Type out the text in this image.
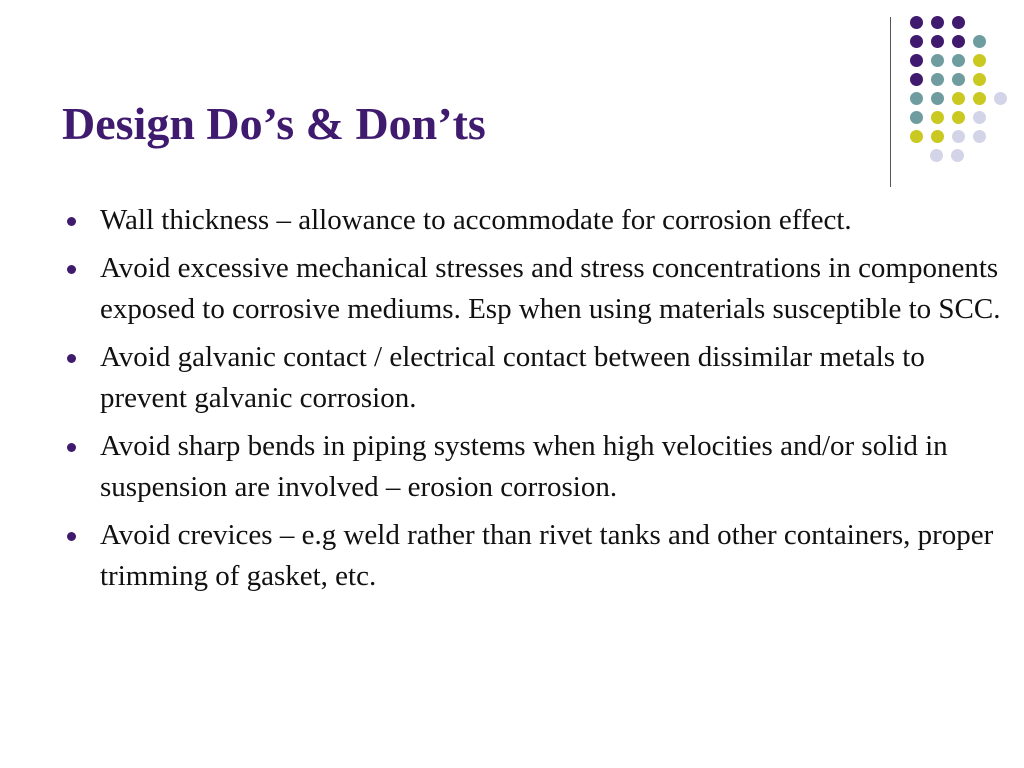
Design Do’s & Don’ts
Wall thickness – allowance to accommodate for corrosion effect.
Avoid excessive mechanical stresses and stress concentrations in components exposed to corrosive mediums. Esp when using materials susceptible to SCC.
Avoid galvanic contact / electrical contact between dissimilar metals to prevent galvanic corrosion.
Avoid sharp bends in piping systems when high velocities and/or solid in suspension are involved – erosion corrosion.
Avoid crevices – e.g weld rather than rivet tanks and other containers, proper trimming of gasket, etc.
